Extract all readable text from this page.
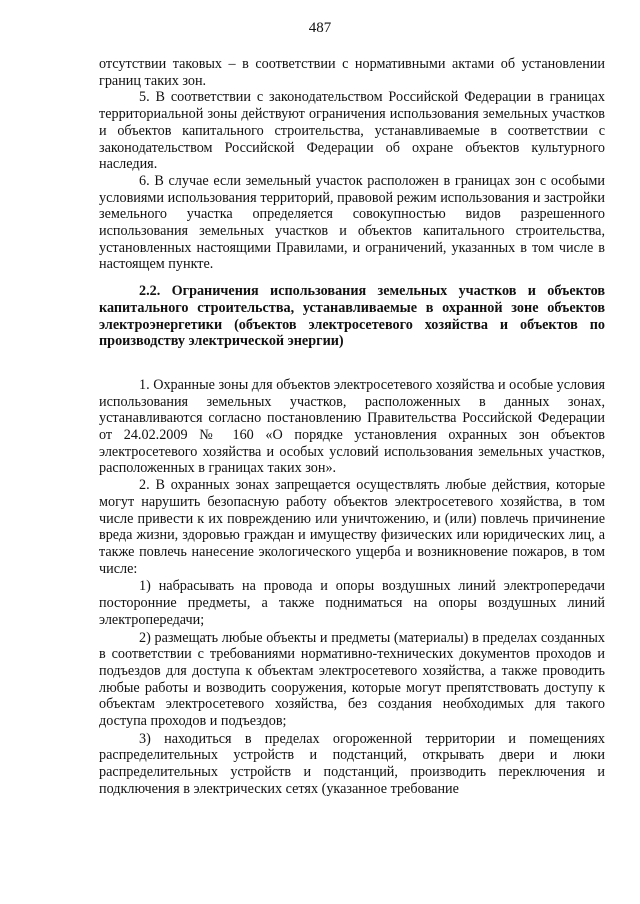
487

отсутствии таковых – в соответствии с нормативными актами об установлении границ таких зон.

5. В соответствии с законодательством Российской Федерации в границах территориальной зоны действуют ограничения использования земельных участков и объектов капитального строительства, устанавливаемые в соответствии с законодательством Российской Федерации об охране объектов культурного наследия.

6. В случае если земельный участок расположен в границах зон с особыми условиями использования территорий, правовой режим использования и застройки земельного участка определяется совокупностью видов разрешенного использования земельных участков и объектов капитального строительства, установленных настоящими Правилами, и ограничений, указанных в том числе в настоящем пункте.

2.2. Ограничения использования земельных участков и объектов капитального строительства, устанавливаемые в охранной зоне объектов электроэнергетики (объектов электросетевого хозяйства и объектов по производству электрической энергии)

1. Охранные зоны для объектов электросетевого хозяйства и особые условия использования земельных участков, расположенных в данных зонах, устанавливаются согласно постановлению Правительства Российской Федерации от 24.02.2009 № 160 «О порядке установления охранных зон объектов электросетевого хозяйства и особых условий использования земельных участков, расположенных в границах таких зон».

2. В охранных зонах запрещается осуществлять любые действия, которые могут нарушить безопасную работу объектов электросетевого хозяйства, в том числе привести к их повреждению или уничтожению, и (или) повлечь причинение вреда жизни, здоровью граждан и имуществу физических или юридических лиц, а также повлечь нанесение экологического ущерба и возникновение пожаров, в том числе:

1) набрасывать на провода и опоры воздушных линий электропередачи посторонние предметы, а также подниматься на опоры воздушных линий электропередачи;

2) размещать любые объекты и предметы (материалы) в пределах созданных в соответствии с требованиями нормативно-технических документов проходов и подъездов для доступа к объектам электросетевого хозяйства, а также проводить любые работы и возводить сооружения, которые могут препятствовать доступу к объектам электросетевого хозяйства, без создания необходимых для такого доступа проходов и подъездов;

3) находиться в пределах огороженной территории и помещениях распределительных устройств и подстанций, открывать двери и люки распределительных устройств и подстанций, производить переключения и подключения в электрических сетях (указанное требование
